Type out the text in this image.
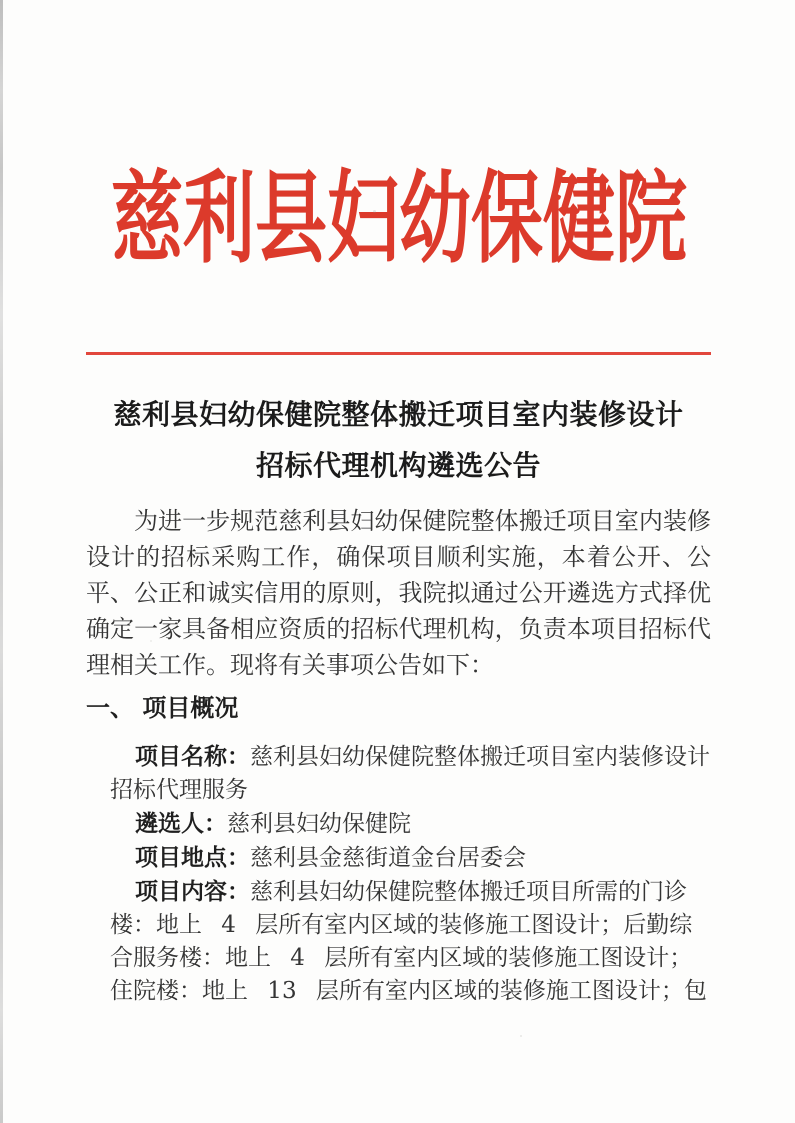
慈利县妇幼保健院
慈利县妇幼保健院整体搬迁项目室内装修设计
招标代理机构遴选公告

为进一步规范慈利县妇幼保健院整体搬迁项目室内装修设计的招标采购工作，确保项目顺利实施，本着公开、公平、公正和诚实信用的原则，我院拟通过公开遴选方式择优确定一家具备相应资质的招标代理机构，负责本项目招标代理相关工作。现将有关事项公告如下：

一、 项目概况
项目名称：慈利县妇幼保健院整体搬迁项目室内装修设计招标代理服务
遴选人：慈利县妇幼保健院
项目地点：慈利县金慈街道金台居委会
项目内容：慈利县妇幼保健院整体搬迁项目所需的门诊楼：地上 4 层所有室内区域的装修施工图设计；后勤综合服务楼：地上 4 层所有室内区域的装修施工图设计；住院楼：地上 13 层所有室内区域的装修施工图设计；包
